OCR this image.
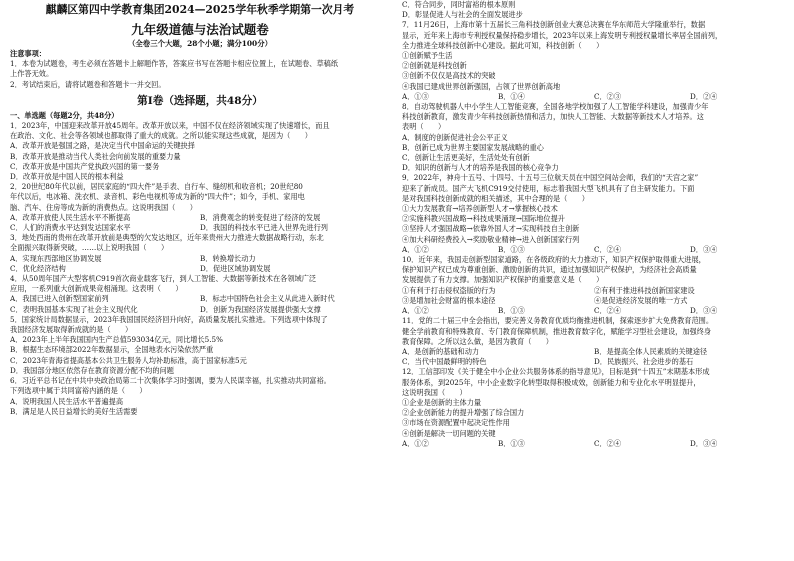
麒麟区第四中学教育集团2024—2025学年秋季学期第一次月考
九年级道德与法治试题卷
（全卷三个大题，28个小题；满分100分）
注意事项：
1．本卷为试题卷，考生必须在答题卡上解题作答，答案应书写在答题卡相应位置上，在试题卷、草稿纸
上作答无效。
2．考试结束后，请将试题卷和答题卡一并交回。
第Ⅰ卷（选择题，共48分）
一、单选题（每题2分，共48分）
1．2023年，中国迎来改革开放45周年。改革开放以来，中国不仅在经济领域实现了快速增长，而且
在政治、文化、社会等各领域也都取得了重大的成就。之所以能实现这些成就，是因为（　　）
A．改革开放是强国之路，是决定当代中国命运的关键抉择
B．改革开放是推动当代人类社会向前发展的重要力量
C．改革开放是中国共产党执政兴国的第一要务
D．改革开放是中国人民的根本利益
2．20世纪80年代以前，居民家庭的“四大件”是手表、自行车、缝纫机和收音机；20世纪80
年代以后，电冰箱、洗衣机、录音机、彩色电视机等成为新的“四大件”；如今，手机、家用电
脑、汽车、住房等成为新的消费热点。这说明我国（　　）
A．改革开放使人民生活水平不断提高	B．消费观念的转变促进了经济的发展
C．人们的消费水平达到发达国家水平	D．我国的科技水平已进入世界先进行列
3．地处西南的贵州在改革开放前是典型的欠发达地区，近年来贵州大力推进大数据战略行动，东北
全面振兴取得新突破，……以上说明我国（　　）
A．实现东西部地区协调发展	B．转换增长动力
C．优化经济结构	D．促进区域协调发展
4．从50周年国产大型客机C919首次商业载客飞行，到人工智能、大数据等新技术在各领域广泛
应用，一系列重大创新成果竞相涌现。这表明（　　）
A．我国已进入创新型国家前列	B．标志中国特色社会主义从此进入新时代
C．表明我国基本实现了社会主义现代化	D．创新为我国经济发展提供强大支撑
5．国家统计局数据显示，2023年我国国民经济回升向好，高质量发展扎实推进。下列选项中体现了
我国经济发展取得新成就的是（　　）
A．2023年上半年我国国内生产总值593034亿元，同比增长5.5%
B．根据生态环境部2022年数据显示，全国地表水污染依然严重
C．2023年青海省提高基本公共卫生服务人均补助标准，高于国家标准5元
D．我国部分地区依然存在教育资源分配不均的问题
6．习近平总书记在中共中央政治局第二十次集体学习时强调，要为人民谋幸福，扎实推动共同富裕。
下列选项中属于共同富裕内涵的是（　　）
A．说明我国人民生活水平普遍提高
B．满足是人民日益增长的美好生活需要
C．符合同步，同时富裕的根本原则
D．彰显促进人与社会的全面发展进步
7．11月26日，上海市第十五届长三角科技创新创业大赛总决赛在华东师范大学隆重举行，数据
显示，近年来上海市专利授权量保持稳步增长，2023年以来上海发明专利授权量增长率居全国前列，
全力推进全球科技创新中心建设。据此可知，科技创新（　　）
①创新赋予生活
②创新就是科技创新
③创新不仅仅是高技术的突破
④我国已建成世界创新强国，占领了世界创新高地
A．①③	B．①④	C．②③	D．②④
8．自动驾驶机器人中小学生人工智能竞赛，全国各地学校加强了人工智能学科建设，加强青少年
科技创新教育，激发青少年科技创新热情和活力，加快人工智能、大数据等新技术人才培养。这
表明（　　）
A．制度的创新促进社会公平正义
B．创新已成为世界主要国家发展战略的重心
C．创新让生活更美好，生活处处有创新
D．知识的创新与人才的培养是我国的核心竞争力
9．2022年，神舟十五号、十四号、十五号三位航天员在中国空间站会师，我们的“天宫之家”
迎来了新成员。国产大飞机C919交付使用，标志着我国大型飞机具有了自主研发能力。下面
是对我国科技创新成就的相关描述，其中合理的是（　　）
①大力发展教育→培养创新型人才→掌握核心技术
②实施科教兴国战略→科技成果涌现→国际地位提升
③坚持人才强国战略→依靠外国人才→实现科技自主创新
④加大科研经费投入→奖励敬业精神→进入创新国家行列
A．①②	B．①③	C．②④	D．③④
10．近年来，我国走创新型国家道路，在各级政府的大力推动下，知识产权保护取得重大进展，
保护知识产权已成为尊重创新、激励创新的共识，通过加强知识产权保护，为经济社会高质量
发展提供了有力支撑。加强知识产权保护的重要意义是（　　）
①有利于打击侵权盗版的行为	②有利于推进科技创新国家建设
③是增加社会财富的根本途径	④是促进经济发展的唯一方式
A．①②	B．①③	C．②④	D．③④
11．党的二十届三中全会指出，要完善义务教育优质均衡推进机制，探索逐步扩大免费教育范围。
健全学前教育和特殊教育、专门教育保障机制，推进教育数字化，赋能学习型社会建设，加强终身
教育保障。之所以这么做，是因为教育（　　）
A．是创新的基础和动力	B．是提高全体人民素质的关键途径
C．当代中国最鲜明的特色	D．民族振兴、社会进步的基石
12．工信部印发《关于健全中小企业公共服务体系的指导意见》，目标是到“十四五”末期基本形成
服务体系，到2025年，中小企业数字化转型取得积极成效，创新能力和专业化水平明显提升，
这说明我国（　　）
①企业是创新的主体力量
②企业创新能力的提升增强了综合国力
③市场在资源配置中起决定性作用
④创新是解决一切问题的关键
A．①②	B．①③	C．②④	D．③④
